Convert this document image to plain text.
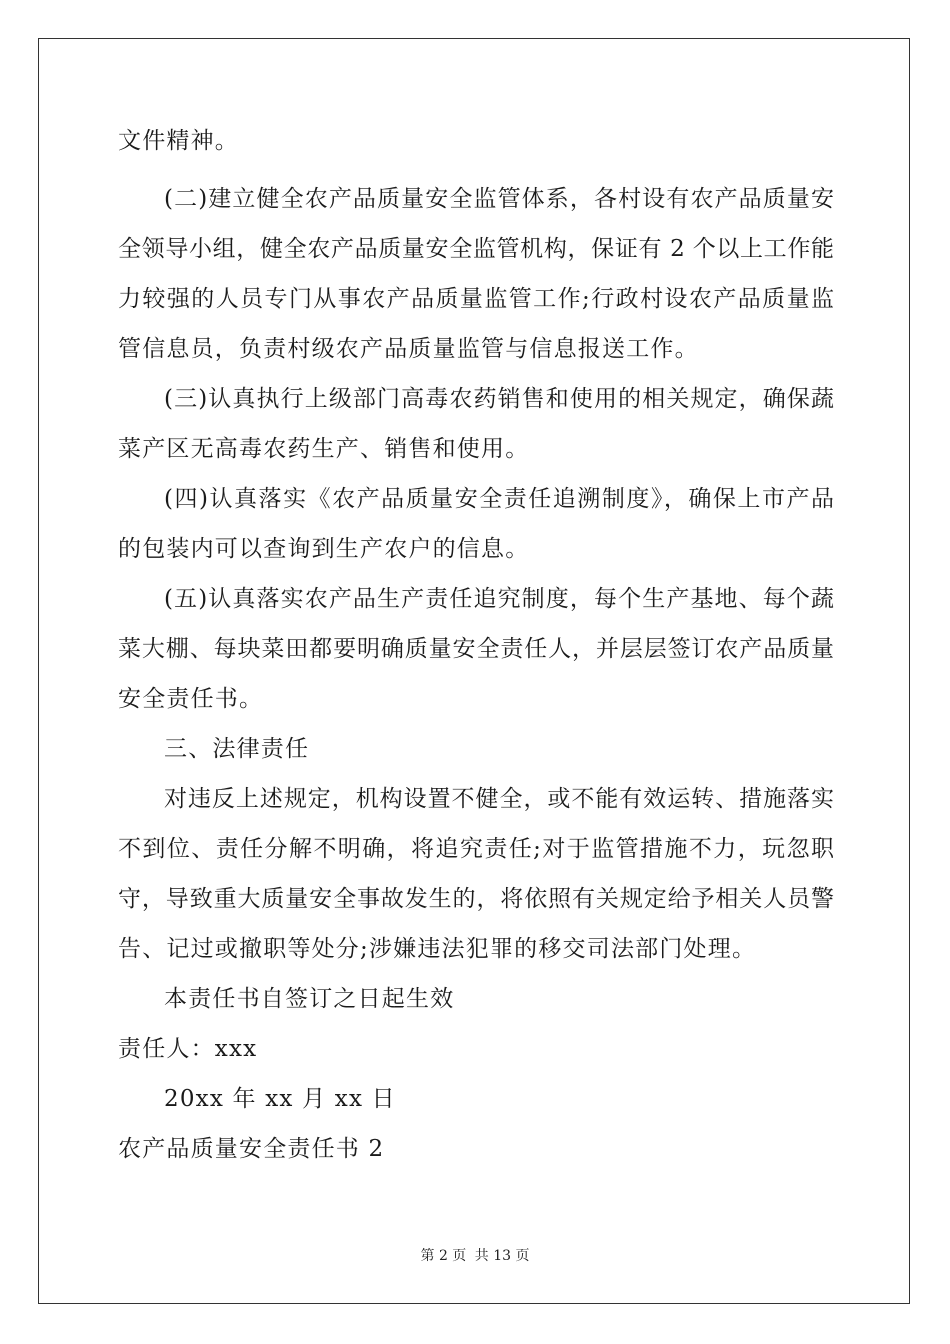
文件精神。
(二)建立健全农产品质量安全监管体系，各村设有农产品质量安
全领导小组，健全农产品质量安全监管机构，保证有 2 个以上工作能
力较强的人员专门从事农产品质量监管工作;行政村设农产品质量监
管信息员，负责村级农产品质量监管与信息报送工作。
(三)认真执行上级部门高毒农药销售和使用的相关规定，确保蔬
菜产区无高毒农药生产、销售和使用。
(四)认真落实《农产品质量安全责任追溯制度》，确保上市产品
的包装内可以查询到生产农户的信息。
(五)认真落实农产品生产责任追究制度，每个生产基地、每个蔬
菜大棚、每块菜田都要明确质量安全责任人，并层层签订农产品质量
安全责任书。
三、法律责任
对违反上述规定，机构设置不健全，或不能有效运转、措施落实
不到位、责任分解不明确，将追究责任;对于监管措施不力，玩忽职
守，导致重大质量安全事故发生的，将依照有关规定给予相关人员警
告、记过或撤职等处分;涉嫌违法犯罪的移交司法部门处理。
本责任书自签订之日起生效
责任人：xxx
20xx 年 xx 月 xx 日
农产品质量安全责任书 2
第 2 页 共 13 页
